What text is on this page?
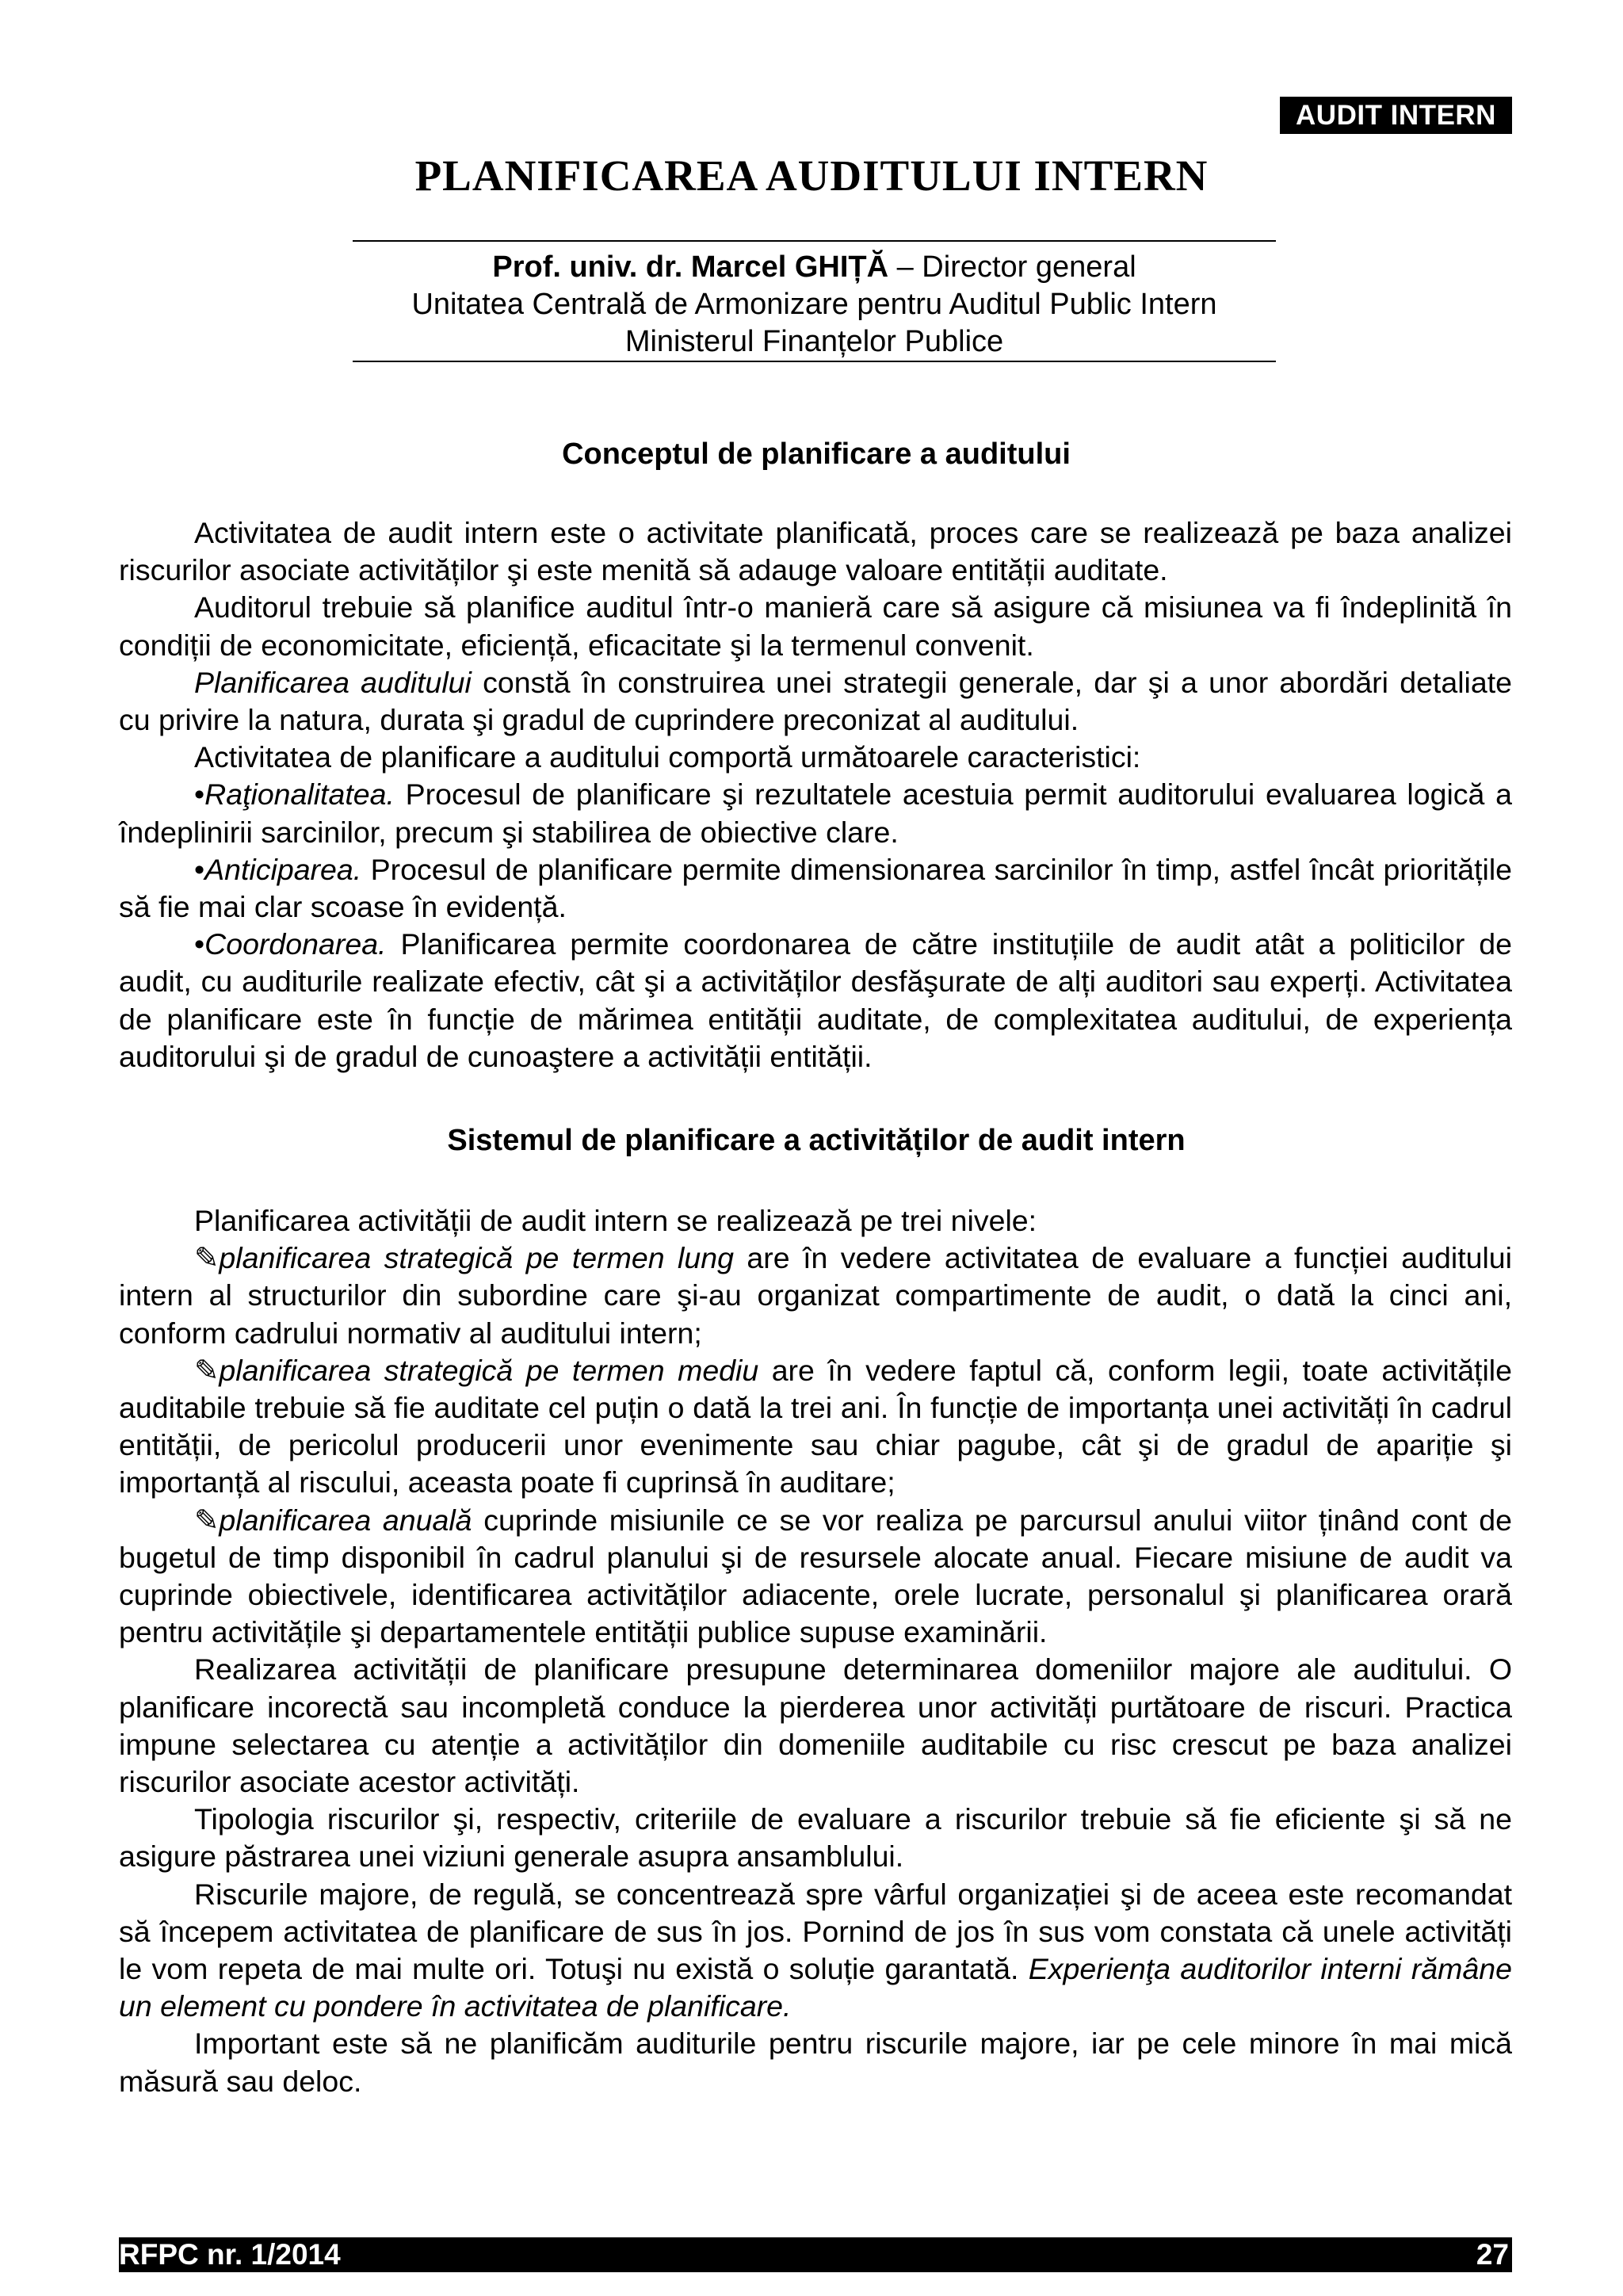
AUDIT INTERN
PLANIFICAREA AUDITULUI INTERN
Prof. univ. dr. Marcel GHIȚĂ – Director general
Unitatea Centrală de Armonizare pentru Auditul Public Intern
Ministerul Finanțelor Publice
Conceptul de planificare a auditului

Activitatea de audit intern este o activitate planificată, proces care se realizează pe baza analizei riscurilor asociate activităților şi este menită să adauge valoare entității auditate.

Auditorul trebuie să planifice auditul într-o manieră care să asigure că misiunea va fi îndeplinită în condiții de economicitate, eficiență, eficacitate şi la termenul convenit.

Planificarea auditului constă în construirea unei strategii generale, dar şi a unor abordări detaliate cu privire la natura, durata şi gradul de cuprindere preconizat al auditului.

Activitatea de planificare a auditului comportă următoarele caracteristici:

•Raţionalitatea. Procesul de planificare şi rezultatele acestuia permit auditorului evaluarea logică a îndeplinirii sarcinilor, precum şi stabilirea de obiective clare.

•Anticiparea. Procesul de planificare permite dimensionarea sarcinilor în timp, astfel încât prioritățile să fie mai clar scoase în evidență.

•Coordonarea. Planificarea permite coordonarea de către instituțiile de audit atât a politicilor de audit, cu auditurile realizate efectiv, cât şi a activităților desfăşurate de alți auditori sau experți. Activitatea de planificare este în funcție de mărimea entității auditate, de complexitatea auditului, de experiența auditorului şi de gradul de cunoaştere a activității entității.

Sistemul de planificare a activităților de audit intern

Planificarea activității de audit intern se realizează pe trei nivele:

✎planificarea strategică pe termen lung are în vedere activitatea de evaluare a funcției auditului intern al structurilor din subordine care şi-au organizat compartimente de audit, o dată la cinci ani, conform cadrului normativ al auditului intern;

✎planificarea strategică pe termen mediu are în vedere faptul că, conform legii, toate activitățile auditabile trebuie să fie auditate cel puțin o dată la trei ani. În funcție de importanța unei activități în cadrul entității, de pericolul producerii unor evenimente sau chiar pagube, cât şi de gradul de apariție şi importanță al riscului, aceasta poate fi cuprinsă în auditare;

✎planificarea anuală cuprinde misiunile ce se vor realiza pe parcursul anului viitor ținând cont de bugetul de timp disponibil în cadrul planului şi de resursele alocate anual. Fiecare misiune de audit va cuprinde obiectivele, identificarea activităților adiacente, orele lucrate, personalul şi planificarea orară pentru activitățile şi departamentele entității publice supuse examinării.

Realizarea activității de planificare presupune determinarea domeniilor majore ale auditului. O planificare incorectă sau incompletă conduce la pierderea unor activități purtătoare de riscuri. Practica impune selectarea cu atenție a activităților din domeniile auditabile cu risc crescut pe baza analizei riscurilor asociate acestor activități.

Tipologia riscurilor şi, respectiv, criteriile de evaluare a riscurilor trebuie să fie eficiente şi să ne asigure păstrarea unei viziuni generale asupra ansamblului.

Riscurile majore, de regulă, se concentrează spre vârful organizației şi de aceea este recomandat să începem activitatea de planificare de sus în jos. Pornind de jos în sus vom constata că unele activități le vom repeta de mai multe ori. Totuşi nu există o soluție garantată. Experienţa auditorilor interni rămâne un element cu pondere în activitatea de planificare.

Important este să ne planificăm auditurile pentru riscurile majore, iar pe cele minore în mai mică măsură sau deloc.

RFPC nr. 1/2014	27
